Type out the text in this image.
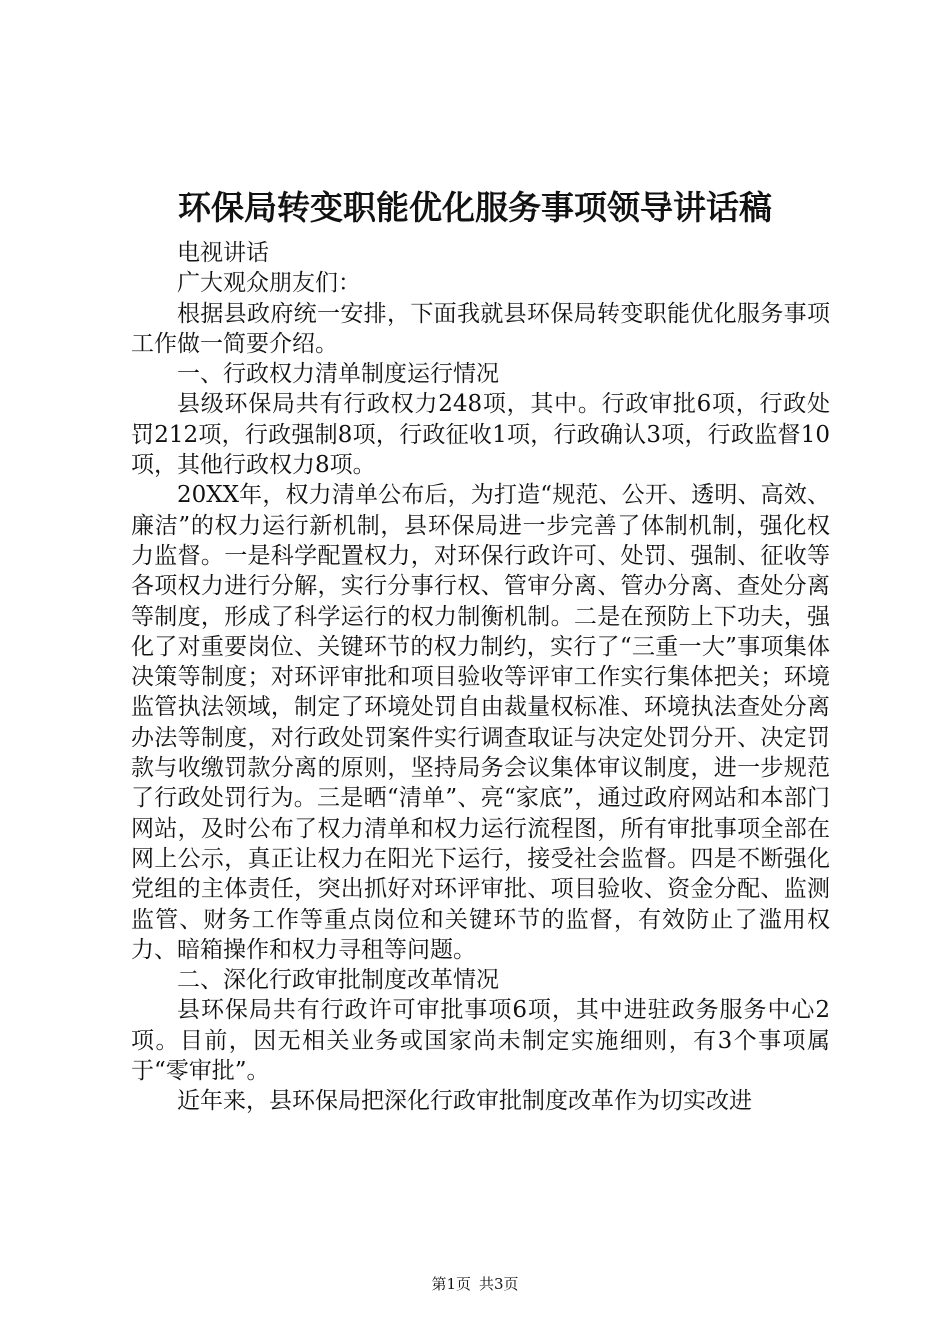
环保局转变职能优化服务事项领导讲话稿

电视讲话

广大观众朋友们：

根据县政府统一安排，下面我就县环保局转变职能优化服务事项工作做一简要介绍。

一、行政权力清单制度运行情况

县级环保局共有行政权力248项，其中。行政审批6项，行政处罚212项，行政强制8项，行政征收1项，行政确认3项，行政监督10项，其他行政权力8项。

20XX年，权力清单公布后，为打造“规范、公开、透明、高效、廉洁”的权力运行新机制，县环保局进一步完善了体制机制，强化权力监督。一是科学配置权力，对环保行政许可、处罚、强制、征收等各项权力进行分解，实行分事行权、管审分离、管办分离、查处分离等制度，形成了科学运行的权力制衡机制。二是在预防上下功夫，强化了对重要岗位、关键环节的权力制约，实行了“三重一大”事项集体决策等制度；对环评审批和项目验收等评审工作实行集体把关；环境监管执法领域，制定了环境处罚自由裁量权标准、环境执法查处分离办法等制度，对行政处罚案件实行调查取证与决定处罚分开、决定罚款与收缴罚款分离的原则，坚持局务会议集体审议制度，进一步规范了行政处罚行为。三是晒“清单”、亮“家底”，通过政府网站和本部门网站，及时公布了权力清单和权力运行流程图，所有审批事项全部在网上公示，真正让权力在阳光下运行，接受社会监督。四是不断强化党组的主体责任，突出抓好对环评审批、项目验收、资金分配、监测监管、财务工作等重点岗位和关键环节的监督，有效防止了滥用权力、暗箱操作和权力寻租等问题。

二、深化行政审批制度改革情况

县环保局共有行政许可审批事项6项，其中进驻政务服务中心2项。目前，因无相关业务或国家尚未制定实施细则，有3个事项属于“零审批”。

近年来，县环保局把深化行政审批制度改革作为切实改进

第1页 共3页
